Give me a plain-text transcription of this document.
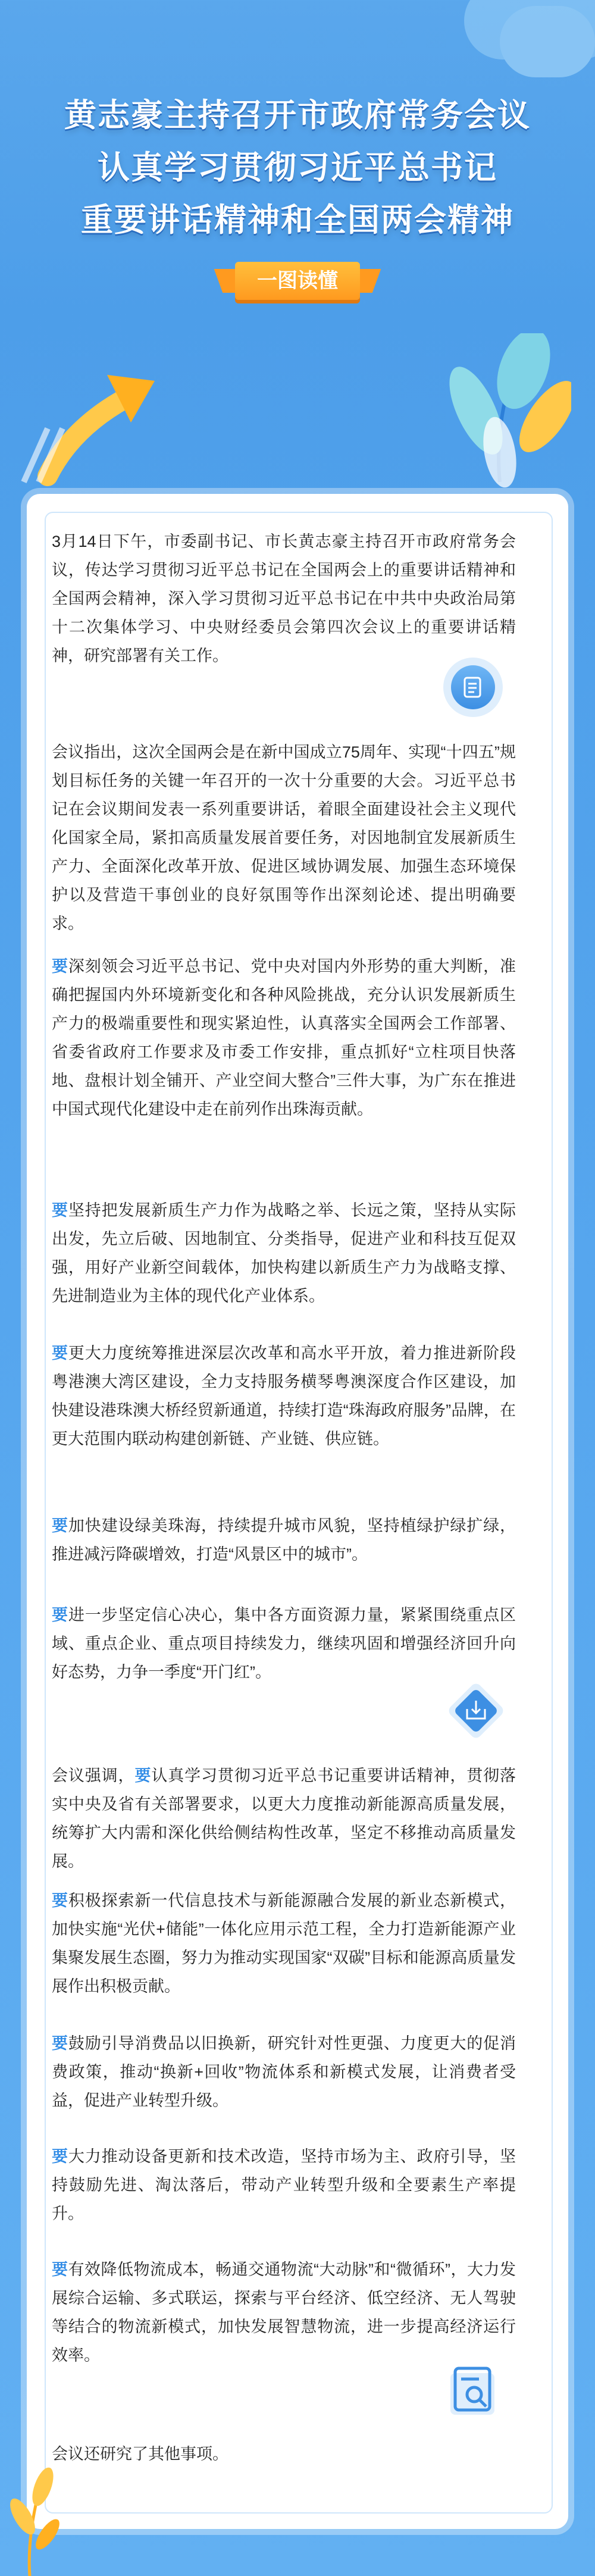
黄志豪主持召开市政府常务会议
认真学习贯彻习近平总书记
重要讲话精神和全国两会精神
一图读懂
3月14日下午，市委副书记、市长黄志豪主持召开市政府常务会议，传达学习贯彻习近平总书记在全国两会上的重要讲话精神和全国两会精神，深入学习贯彻习近平总书记在中共中央政治局第十二次集体学习、中央财经委员会第四次会议上的重要讲话精神，研究部署有关工作。
会议指出，这次全国两会是在新中国成立75周年、实现“十四五”规划目标任务的关键一年召开的一次十分重要的大会。习近平总书记在会议期间发表一系列重要讲话，着眼全面建设社会主义现代化国家全局，紧扣高质量发展首要任务，对因地制宜发展新质生产力、全面深化改革开放、促进区域协调发展、加强生态环境保护以及营造干事创业的良好氛围等作出深刻论述、提出明确要求。
要深刻领会习近平总书记、党中央对国内外形势的重大判断，准确把握国内外环境新变化和各种风险挑战，充分认识发展新质生产力的极端重要性和现实紧迫性，认真落实全国两会工作部署、省委省政府工作要求及市委工作安排，重点抓好“立柱项目快落地、盘根计划全铺开、产业空间大整合”三件大事，为广东在推进中国式现代化建设中走在前列作出珠海贡献。
要坚持把发展新质生产力作为战略之举、长远之策，坚持从实际出发，先立后破、因地制宜、分类指导，促进产业和科技互促双强，用好产业新空间载体，加快构建以新质生产力为战略支撑、先进制造业为主体的现代化产业体系。
要更大力度统筹推进深层次改革和高水平开放，着力推进新阶段粤港澳大湾区建设，全力支持服务横琴粤澳深度合作区建设，加快建设港珠澳大桥经贸新通道，持续打造“珠海政府服务”品牌，在更大范围内联动构建创新链、产业链、供应链。
要加快建设绿美珠海，持续提升城市风貌，坚持植绿护绿扩绿，推进减污降碳增效，打造“风景区中的城市”。
要进一步坚定信心决心，集中各方面资源力量，紧紧围绕重点区域、重点企业、重点项目持续发力，继续巩固和增强经济回升向好态势，力争一季度“开门红”。
会议强调，要认真学习贯彻习近平总书记重要讲话精神，贯彻落实中央及省有关部署要求，以更大力度推动新能源高质量发展，统筹扩大内需和深化供给侧结构性改革，坚定不移推动高质量发展。
要积极探索新一代信息技术与新能源融合发展的新业态新模式，加快实施“光伏+储能”一体化应用示范工程，全力打造新能源产业集聚发展生态圈，努力为推动实现国家“双碳”目标和能源高质量发展作出积极贡献。
要鼓励引导消费品以旧换新，研究针对性更强、力度更大的促消费政策，推动“换新+回收”物流体系和新模式发展，让消费者受益，促进产业转型升级。
要大力推动设备更新和技术改造，坚持市场为主、政府引导，坚持鼓励先进、淘汰落后，带动产业转型升级和全要素生产率提升。
要有效降低物流成本，畅通交通物流“大动脉”和“微循环”，大力发展综合运输、多式联运，探索与平台经济、低空经济、无人驾驶等结合的物流新模式，加快发展智慧物流，进一步提高经济运行效率。
会议还研究了其他事项。
